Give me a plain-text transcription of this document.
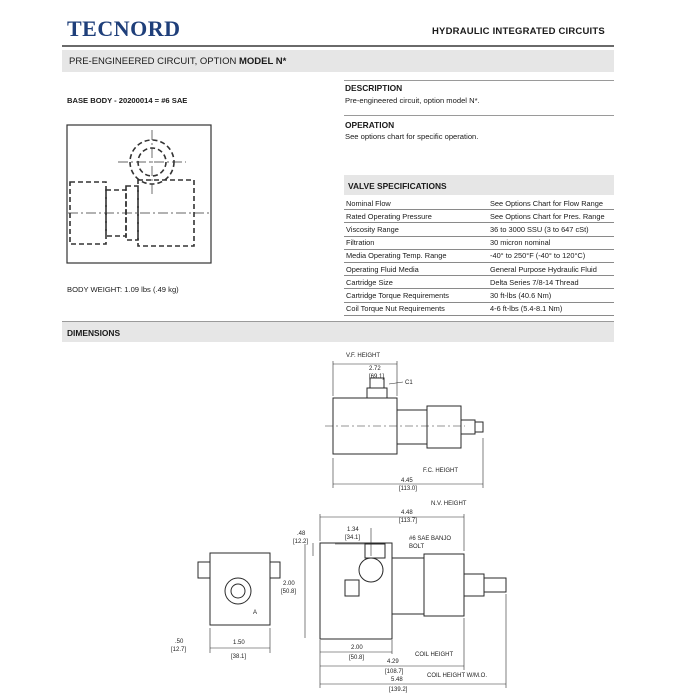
TECNORD	HYDRAULIC INTEGRATED CIRCUITS
PRE-ENGINEERED CIRCUIT, OPTION MODEL N*
BASE BODY - 20200014 = #6 SAE
BODY WEIGHT: 1.09 lbs (.49 kg)
DESCRIPTION
Pre-engineered circuit, option model N*.
OPERATION
See options chart for specific operation.
VALVE SPECIFICATIONS
Nominal Flow	See Options Chart for Flow Range
Rated Operating Pressure	See Options Chart for Pres. Range
Viscosity Range	36 to 3000 SSU (3 to 647 cSt)
Filtration	30 micron nominal
Media Operating Temp. Range	-40° to 250°F (-40° to 120°C)
Operating Fluid Media	General Purpose Hydraulic Fluid
Cartridge Size	Delta Series 7/8-14 Thread
Cartridge Torque Requirements	30 ft-lbs (40.6 Nm)
Coil Torque Nut Requirements	4-6 ft-lbs (5.4-8.1 Nm)
DIMENSIONS
V.F. HEIGHT
2.72
[69.1]
C1
F.C. HEIGHT
4.45
[113.0]
N.V. HEIGHT
4.48
[113.7]
1.34
[34.1]
.48
[12.2]	#6 SAE BANJO
BOLT
2.00
[50.8]
A
.50
[12.7]
1.50
[38.1]
2.00
[50.8]	COIL HEIGHT
4.29
[108.7]
COIL HEIGHT W/M.O.
5.48
[139.2]
